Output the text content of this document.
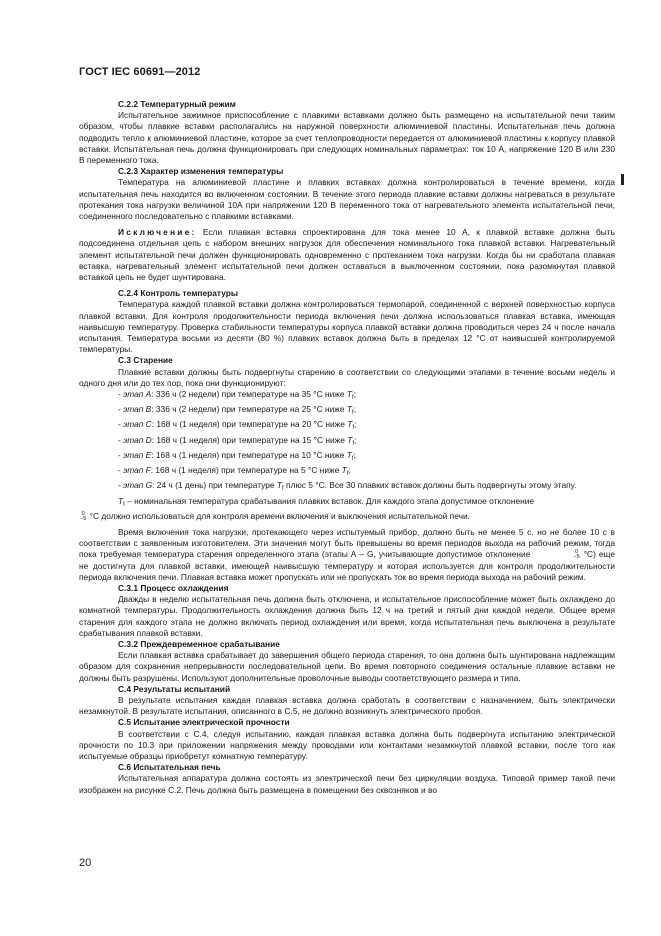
ГОСТ IEC 60691—2012

С.2.2 Температурный режим

Испытательное зажимное приспособление с плавкими вставками должно быть размещено на испытательной печи таким образом, чтобы плавкие вставки располагались на наружной поверхности алюминиевой пластины. Испытательная печь должна подводить тепло к алюминиевой пластине, которое за счет теплопроводности передается от алюминиевой пластины к корпусу плавкой вставки. Испытательная печь должна функционировать при следующих номинальных параметрах: ток 10 А, напряжение 120 В или 230 В переменного тока.

С.2.3 Характер изменения температуры

Температура на алюминиевой пластине и плавких вставках должна контролироваться в течение времени, когда испытательная печь находится во включенном состоянии. В течение этого периода плавкие вставки должны нагреваться в результате протекания тока нагрузки величиной 10А при напряжении 120 В переменного тока от нагревательного элемента испытательной печи, соединенного последовательно с плавкими вставками.

Исключение: Если плавкая вставка спроектирована для тока менее 10 А, к плавкой вставке должна быть подсоединена отдельная цепь с набором внешних нагрузок для обеспечения номинального тока плавкой вставки. Нагревательный элемент испытательной печи должен функционировать одновременно с протеканием тока нагрузки. Когда бы ни сработала плавкая вставка, нагревательный элемент испытательной печи должен оставаться в выключенном состоянии, пока разомкнутая плавкой вставкой цепь не будет шунтирована.

С.2.4 Контроль температуры

Температура каждой плавкой вставки должна контролироваться термопарой, соединенной с верхней поверхностью корпуса плавкой вставки. Для контроля продолжительности периода включения печи должна использоваться плавкая вставка, имеющая наивысшую температуру. Проверка стабильности температуры корпуса плавкой вставки должна проводиться через 24 ч после начала испытания. Температура восьми из десяти (80 %) плавких вставок должна быть в пределах 12 °С от наивысшей контролируемой температуры.

С.3 Старение

Плавкие вставки должны быть подвергнуты старению в соответствии со следующими этапами в течение восьми недель и одного дня или до тех пор, пока они функционируют:

- этап А: 336 ч (2 недели) при температуре на 35 °С ниже $T_f$;

- этап В: 336 ч (2 недели) при температуре на 25 °С ниже $T_f$;

- этап С: 168 ч (1 неделя) при температуре на 20 °С ниже $T_f$;

- этап D: 168 ч (1 неделя) при температуре на 15 °С ниже $T_f$;

- этап Е: 168 ч (1 неделя) при температуре на 10 °С ниже $T_f$;

- этап F: 168 ч (1 неделя) при температуре на 5 °С ниже $T_f$;

- этап G: 24 ч (1 день) при температуре $T_f$ плюс 5 °С. Все 30 плавких вставок должны быть подвергнуты этому этапу.

$T_f$ – номинальная температура срабатывания плавких вставок. Для каждого этапа допустимое отклонение

0
−5 °С должно использоваться для контроля времени включения и выключения испытательной печи.

Время включения тока нагрузки, протекающего через испытуемый прибор, должно быть не менее 5 с. но не более 10 с в соответствии с заявленным изготовителем. Эти значения могут быть превышены во время периодов выхода на рабочий режим, тогда пока требуемая температура старения определенного этапа (этапы А – G, учитывающие допустимое отклонение	0
−5 °С) еще не достигнута для плавкой вставки, имеющей наивысшую температуру и которая используется для контроля продолжительности периода включения печи. Плавкая вставка может пропускать или не пропускать ток во время периода выхода на рабочий режим.

С.3.1 Процесс охлаждения

Дважды в неделю испытательная печь должна быть отключена, и испытательное приспособление может быть охлаждено до комнатной температуры. Продолжительность охлаждения должна быть 12 ч на третий и пятый дни каждой недели. Общее время старения для каждого этапа не должно включать период охлаждения или время, когда испытательная печь выключена в результате срабатывания плавкой вставки.

С.3.2 Преждевременное срабатывание

Если плавкая вставка срабатывает до завершения общего периода старения, то она должна быть шунтирована надлежащим образом для сохранения непрерывности последовательной цепи. Во время повторного соединения остальные плавкие вставки не должны быть разрушены. Используют дополнительные проволочные выводы соответствующего размера и типа.

С.4 Результаты испытаний

В результате испытания каждая плавкая вставка должна сработать в соответствии с назначением, быть электрически незамкнутой. В результате испытания, описанного в С.5, не должно возникнуть электрического пробоя.

С.5 Испытание электрической прочности

В соответствии с С.4, следуя испытанию, каждая плавкая вставка должна быть подвергнута испытанию электрической прочности по 10.3 при приложении напряжения между проводами или контактами незамкнутой плавкой вставки, после того как испытуемые образцы приобретут комнатную температуру.

С.6 Испытательная печь

Испытательная аппаратура должна состоять из электрической печи без циркуляции воздуха. Типовой пример такой печи изображен на рисунке С.2. Печь должна быть размещена в помещении без сквозняков и во

20
